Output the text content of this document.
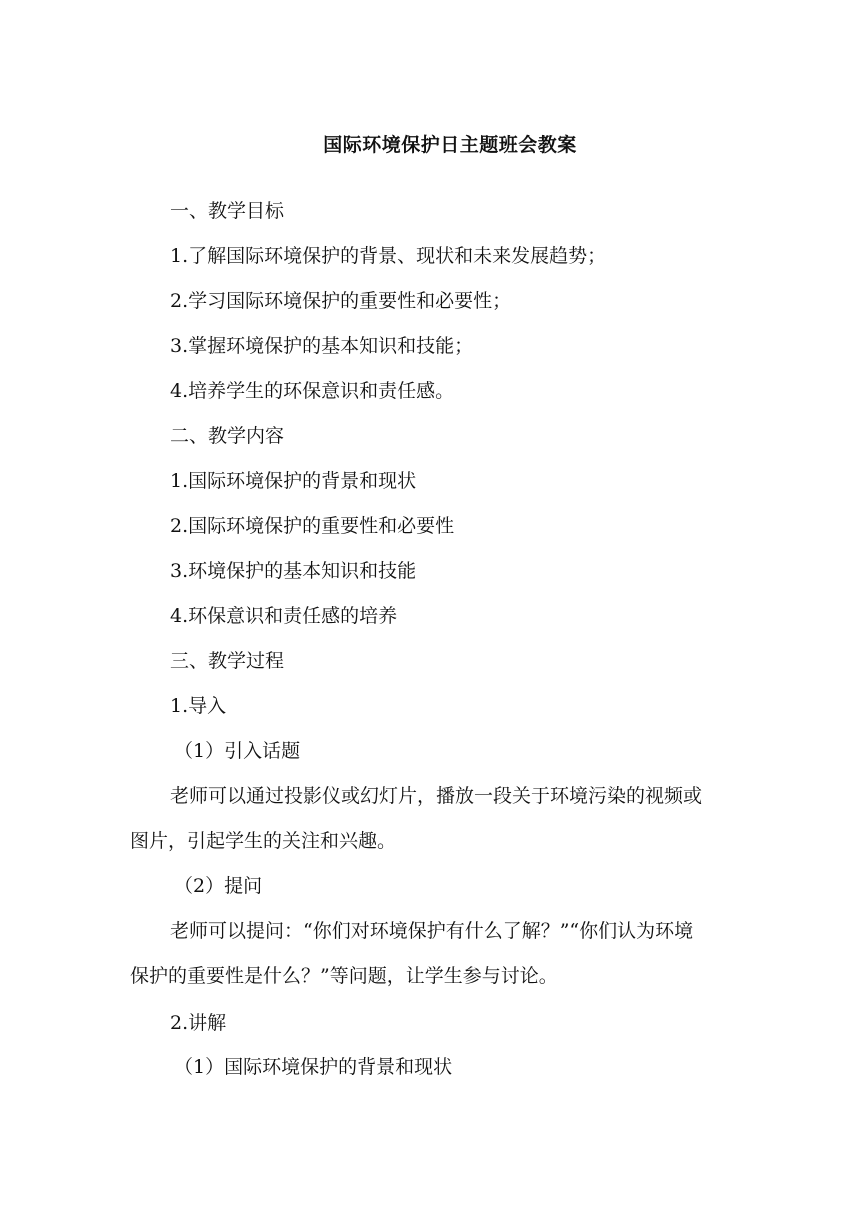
国际环境保护日主题班会教案
一、教学目标
1.了解国际环境保护的背景、现状和未来发展趋势；
2.学习国际环境保护的重要性和必要性；
3.掌握环境保护的基本知识和技能；
4.培养学生的环保意识和责任感。
二、教学内容
1.国际环境保护的背景和现状
2.国际环境保护的重要性和必要性
3.环境保护的基本知识和技能
4.环保意识和责任感的培养
三、教学过程
1.导入
（1）引入话题
老师可以通过投影仪或幻灯片，播放一段关于环境污染的视频或
图片，引起学生的关注和兴趣。
（2）提问
老师可以提问：“你们对环境保护有什么了解？”“你们认为环境
保护的重要性是什么？”等问题，让学生参与讨论。
2.讲解
（1）国际环境保护的背景和现状
